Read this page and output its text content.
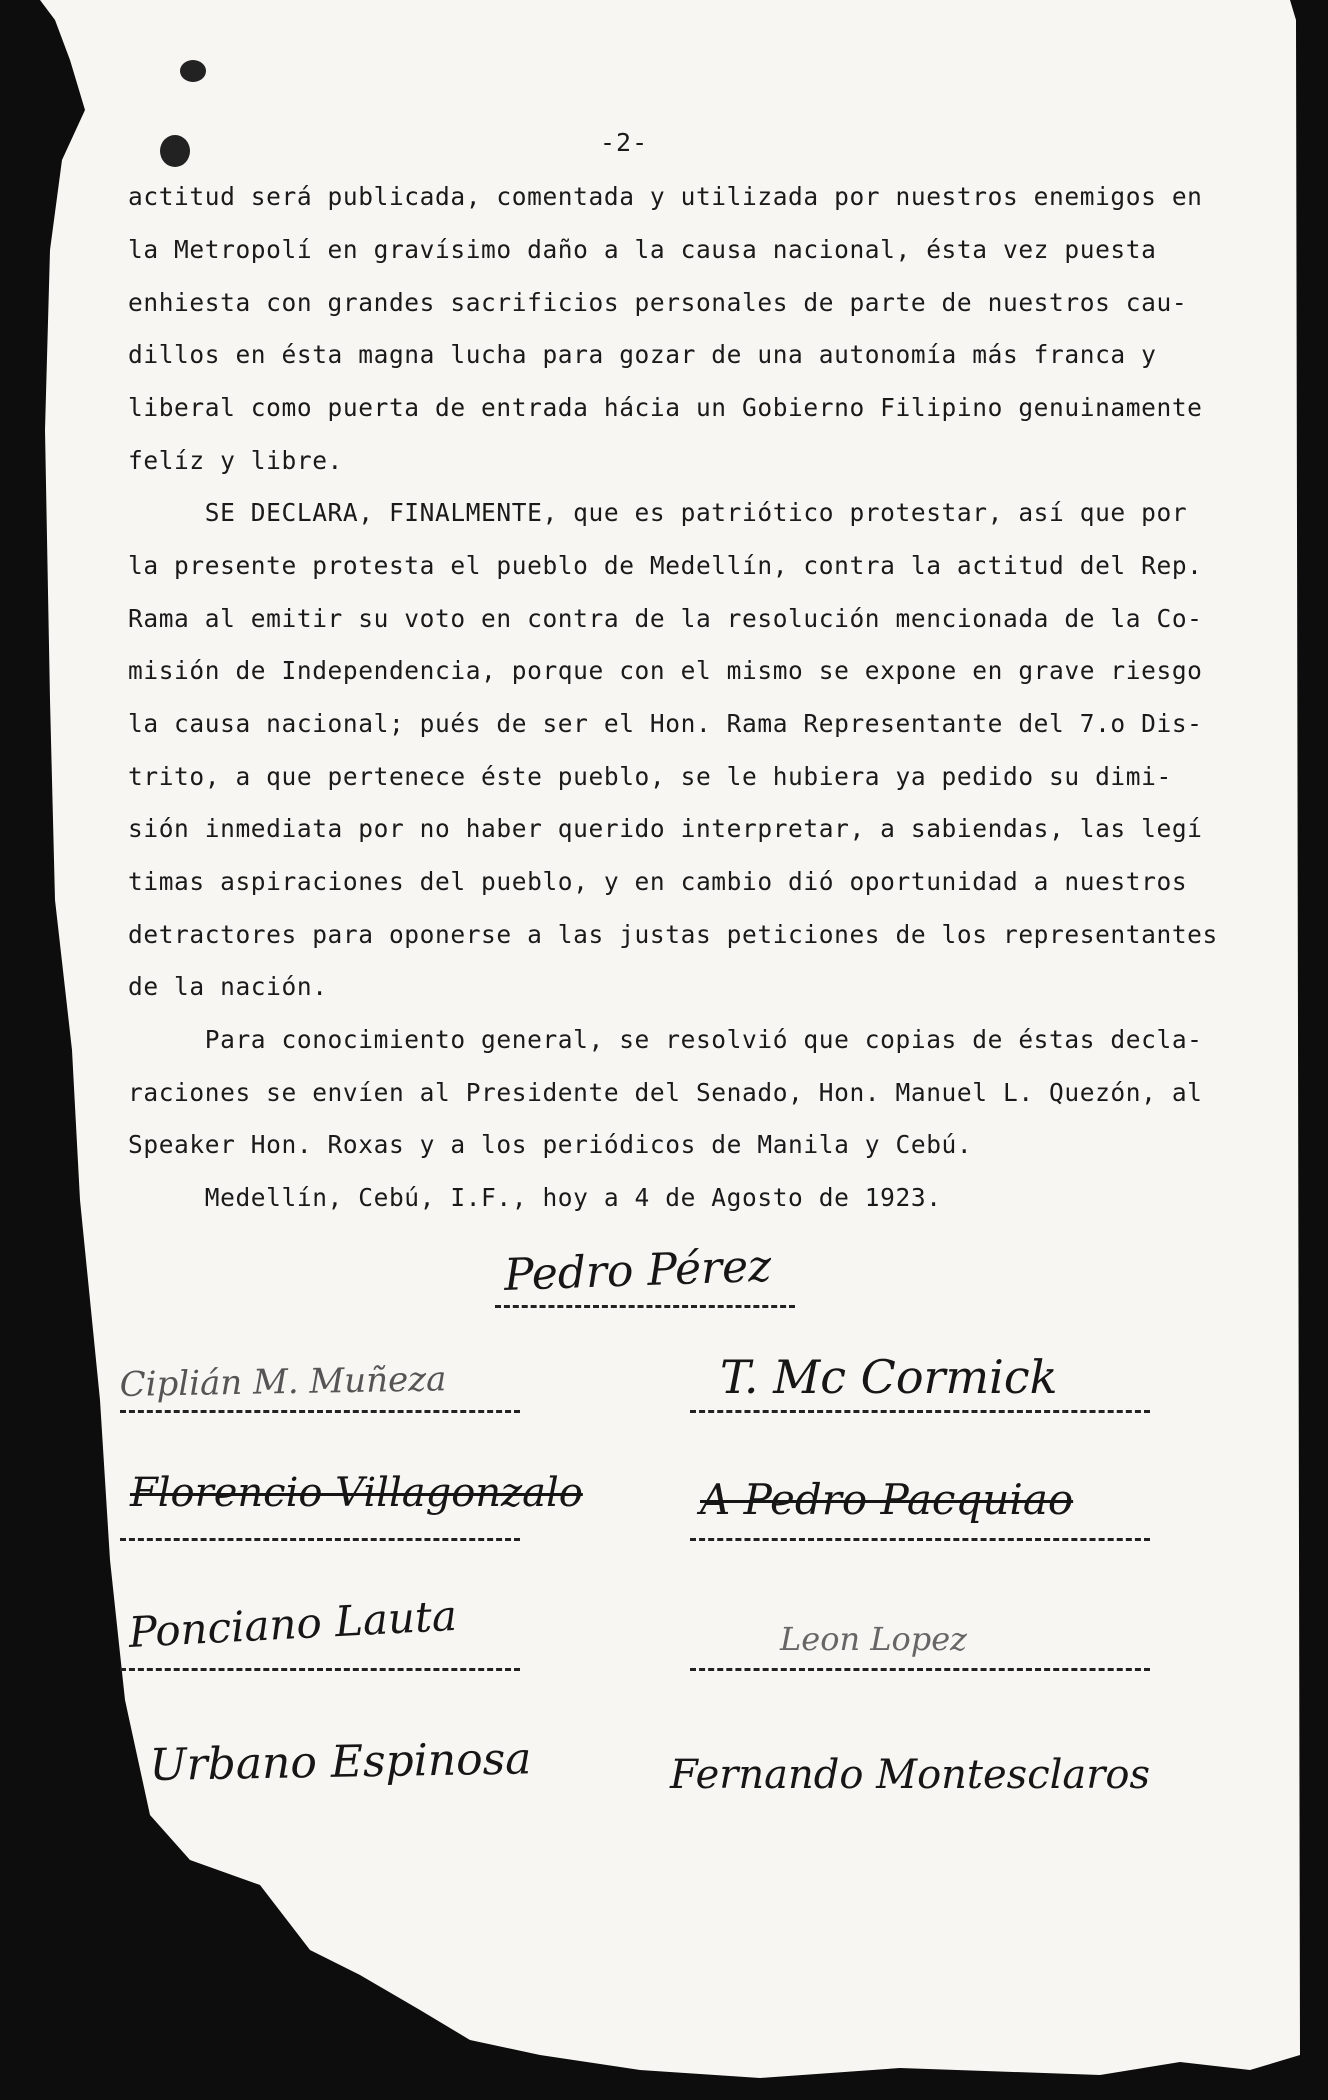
-2-
actitud será publicada, comentada y utilizada por nuestros enemigos en
la Metropolí en gravísimo daño a la causa nacional, ésta vez puesta
enhiesta con grandes sacrificios personales de parte de nuestros cau-
dillos en ésta magna lucha para gozar de una autonomía más franca y
liberal como puerta de entrada hácia un Gobierno Filipino genuinamente
felíz y libre.
SE DECLARA, FINALMENTE, que es patriótico protestar, así que por
la presente protesta el pueblo de Medellín, contra la actitud del Rep.
Rama al emitir su voto en contra de la resolución mencionada de la Co-
misión de Independencia, porque con el mismo se expone en grave riesgo
la causa nacional; pués de ser el Hon. Rama Representante del 7.o Dis-
trito, a que pertenece éste pueblo, se le hubiera ya pedido su dimi-
sión inmediata por no haber querido interpretar, a sabiendas, las legí
timas aspiraciones del pueblo, y en cambio dió oportunidad a nuestros
detractores para oponerse a las justas peticiones de los representantes
de la nación.
Para conocimiento general, se resolvió que copias de éstas decla-
raciones se envíen al Presidente del Senado, Hon. Manuel L. Quezón, al
Speaker Hon. Roxas y a los periódicos de Manila y Cebú.
Medellín, Cebú, I.F., hoy a 4 de Agosto de 1923.
Pedro Pérez
Ciplián M. Muñeza	T. Mc Cormick
Florencio Villagonzalo	A Pedro Pacquiao
Ponciano Lauta	Leon Lopez
Urbano Espinosa	Fernando Montesclaros
